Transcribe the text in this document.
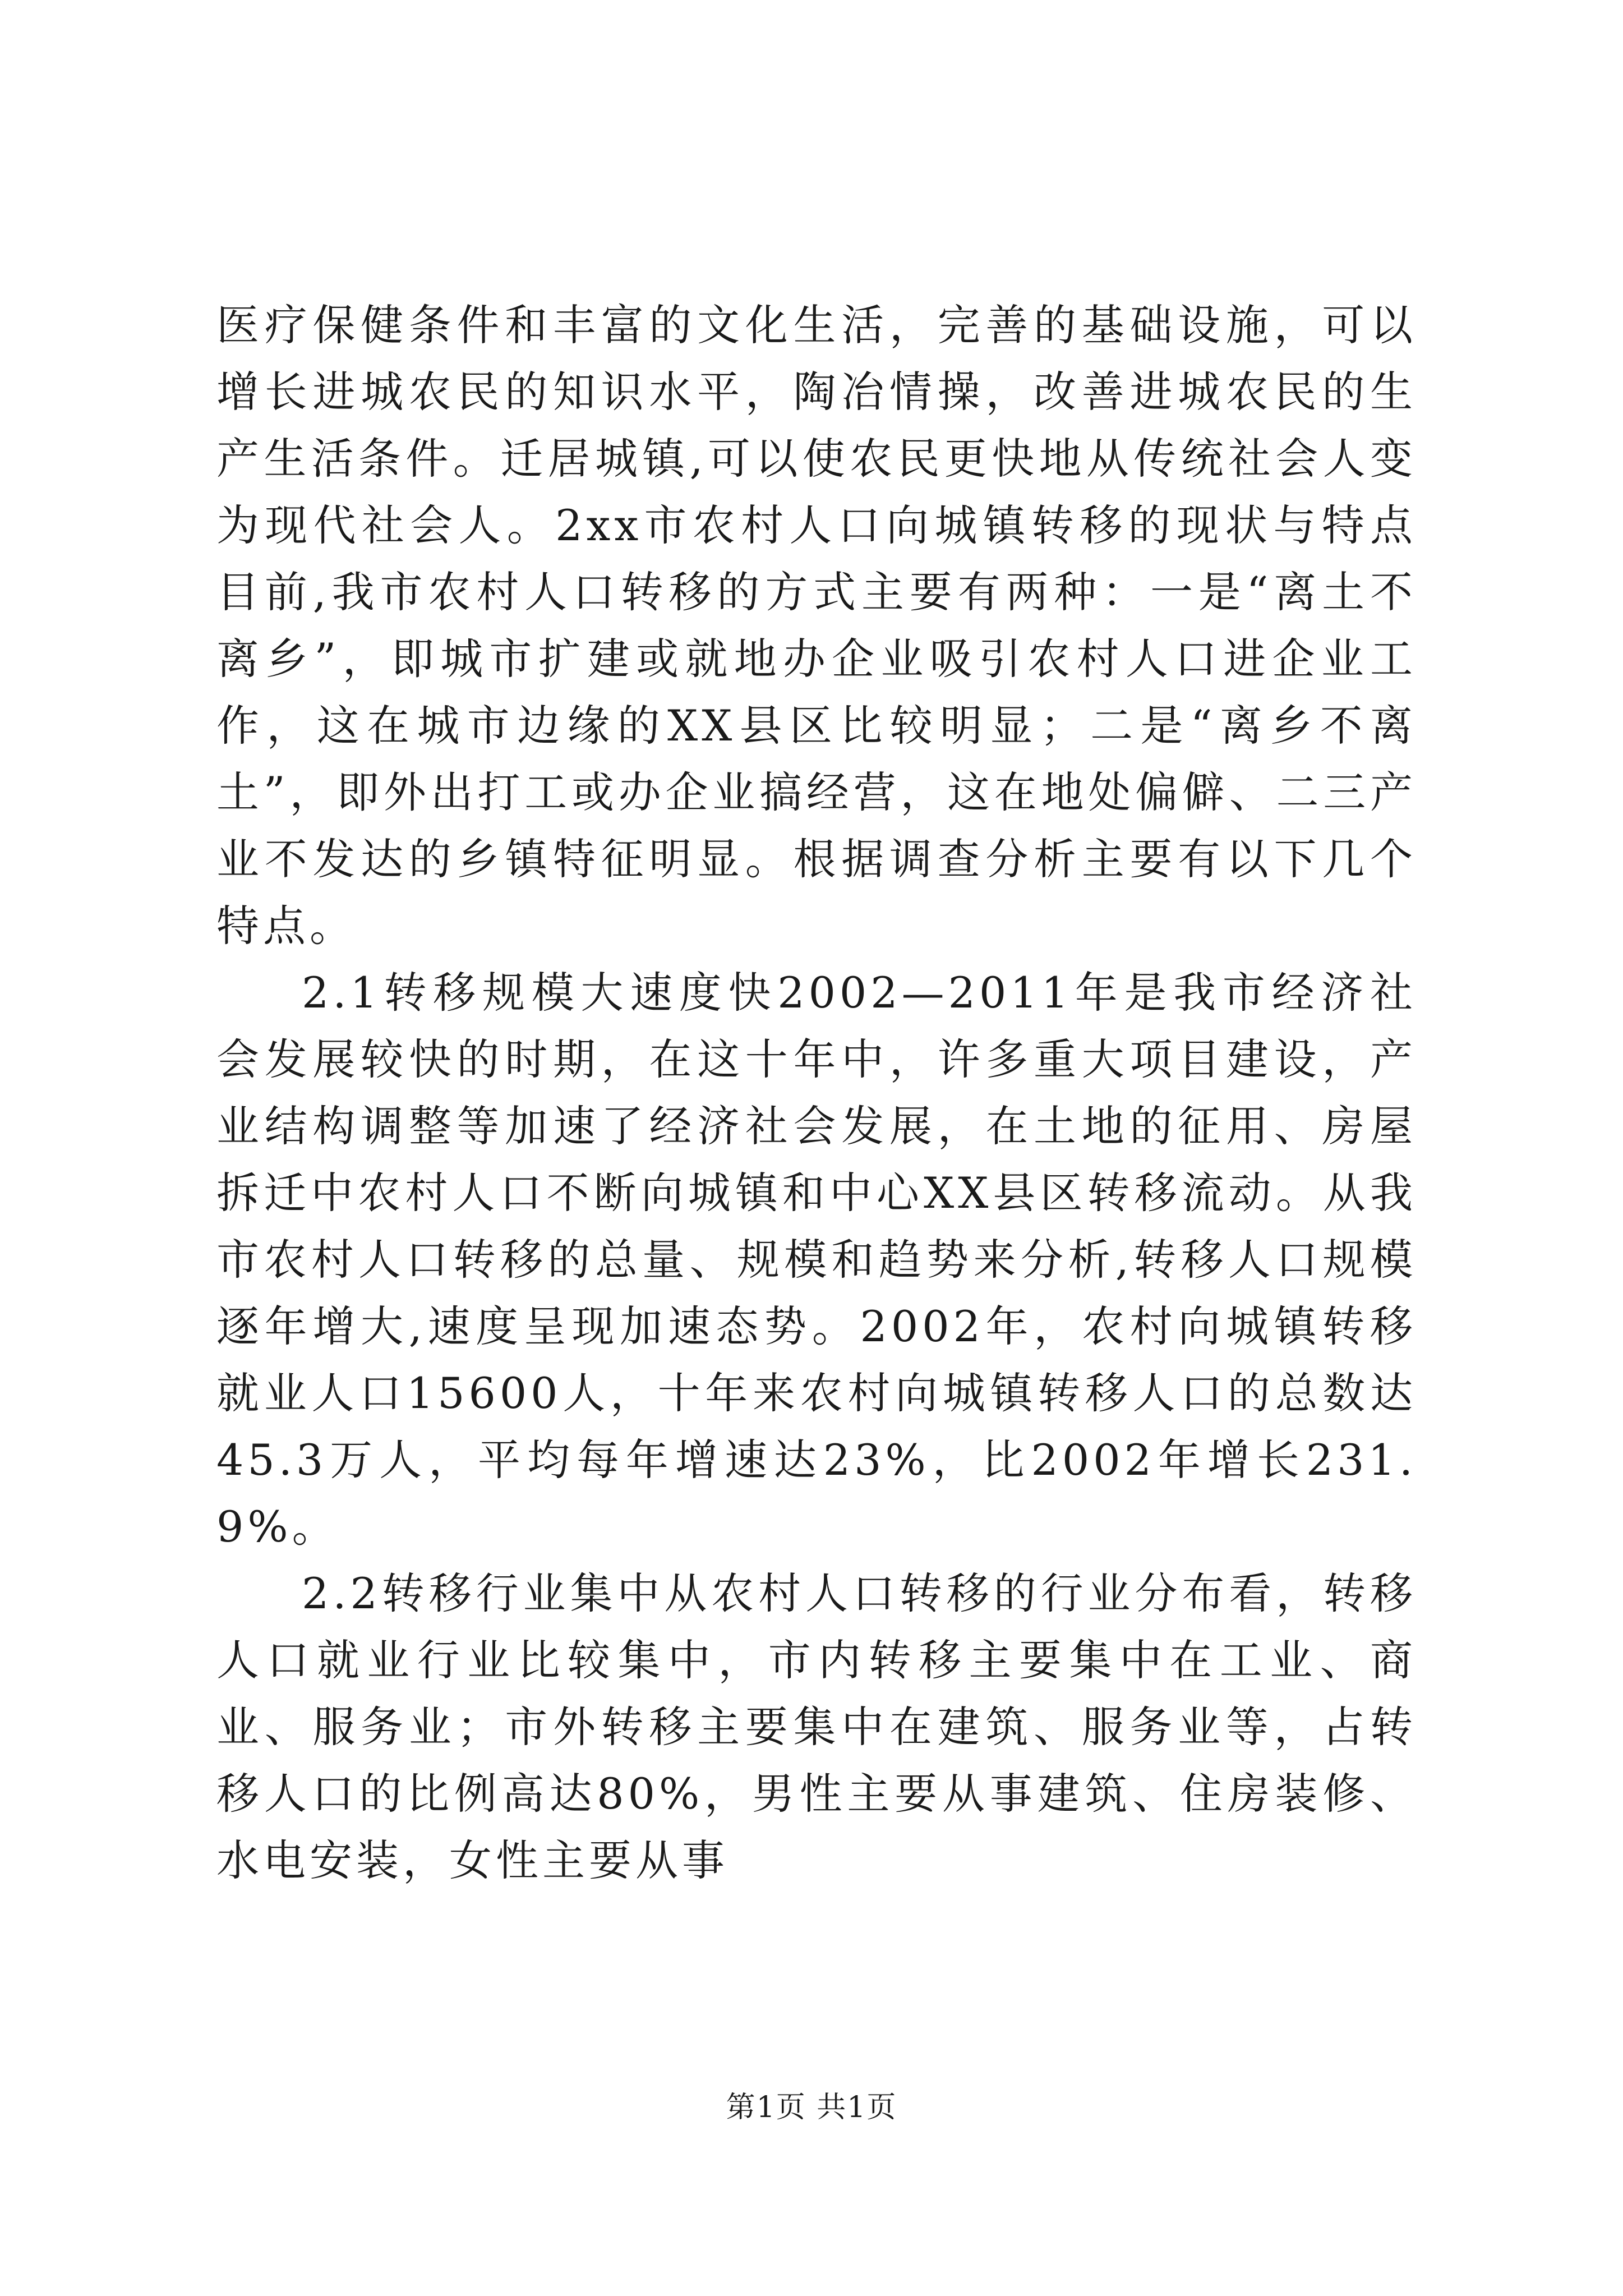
医疗保健条件和丰富的文化生活，完善的基础设施，可以增长进城农民的知识水平，陶冶情操，改善进城农民的生产生活条件。迁居城镇,可以使农民更快地从传统社会人变为现代社会人。2xx市农村人口向城镇转移的现状与特点目前,我市农村人口转移的方式主要有两种：一是“离土不离乡”，即城市扩建或就地办企业吸引农村人口进企业工作，这在城市边缘的XX县区比较明显；二是“离乡不离土”，即外出打工或办企业搞经营，这在地处偏僻、二三产业不发达的乡镇特征明显。根据调查分析主要有以下几个特点。

2.1转移规模大速度快2002—2011年是我市经济社会发展较快的时期，在这十年中，许多重大项目建设，产业结构调整等加速了经济社会发展，在土地的征用、房屋拆迁中农村人口不断向城镇和中心XX县区转移流动。从我市农村人口转移的总量、规模和趋势来分析,转移人口规模逐年增大,速度呈现加速态势。2002年，农村向城镇转移就业人口15600人，十年来农村向城镇转移人口的总数达45.3万人，平均每年增速达23%，比2002年增长231.9%。

2.2转移行业集中从农村人口转移的行业分布看，转移人口就业行业比较集中，市内转移主要集中在工业、商业、服务业；市外转移主要集中在建筑、服务业等，占转移人口的比例高达80%，男性主要从事建筑、住房装修、水电安装，女性主要从事

第1页 共1页
